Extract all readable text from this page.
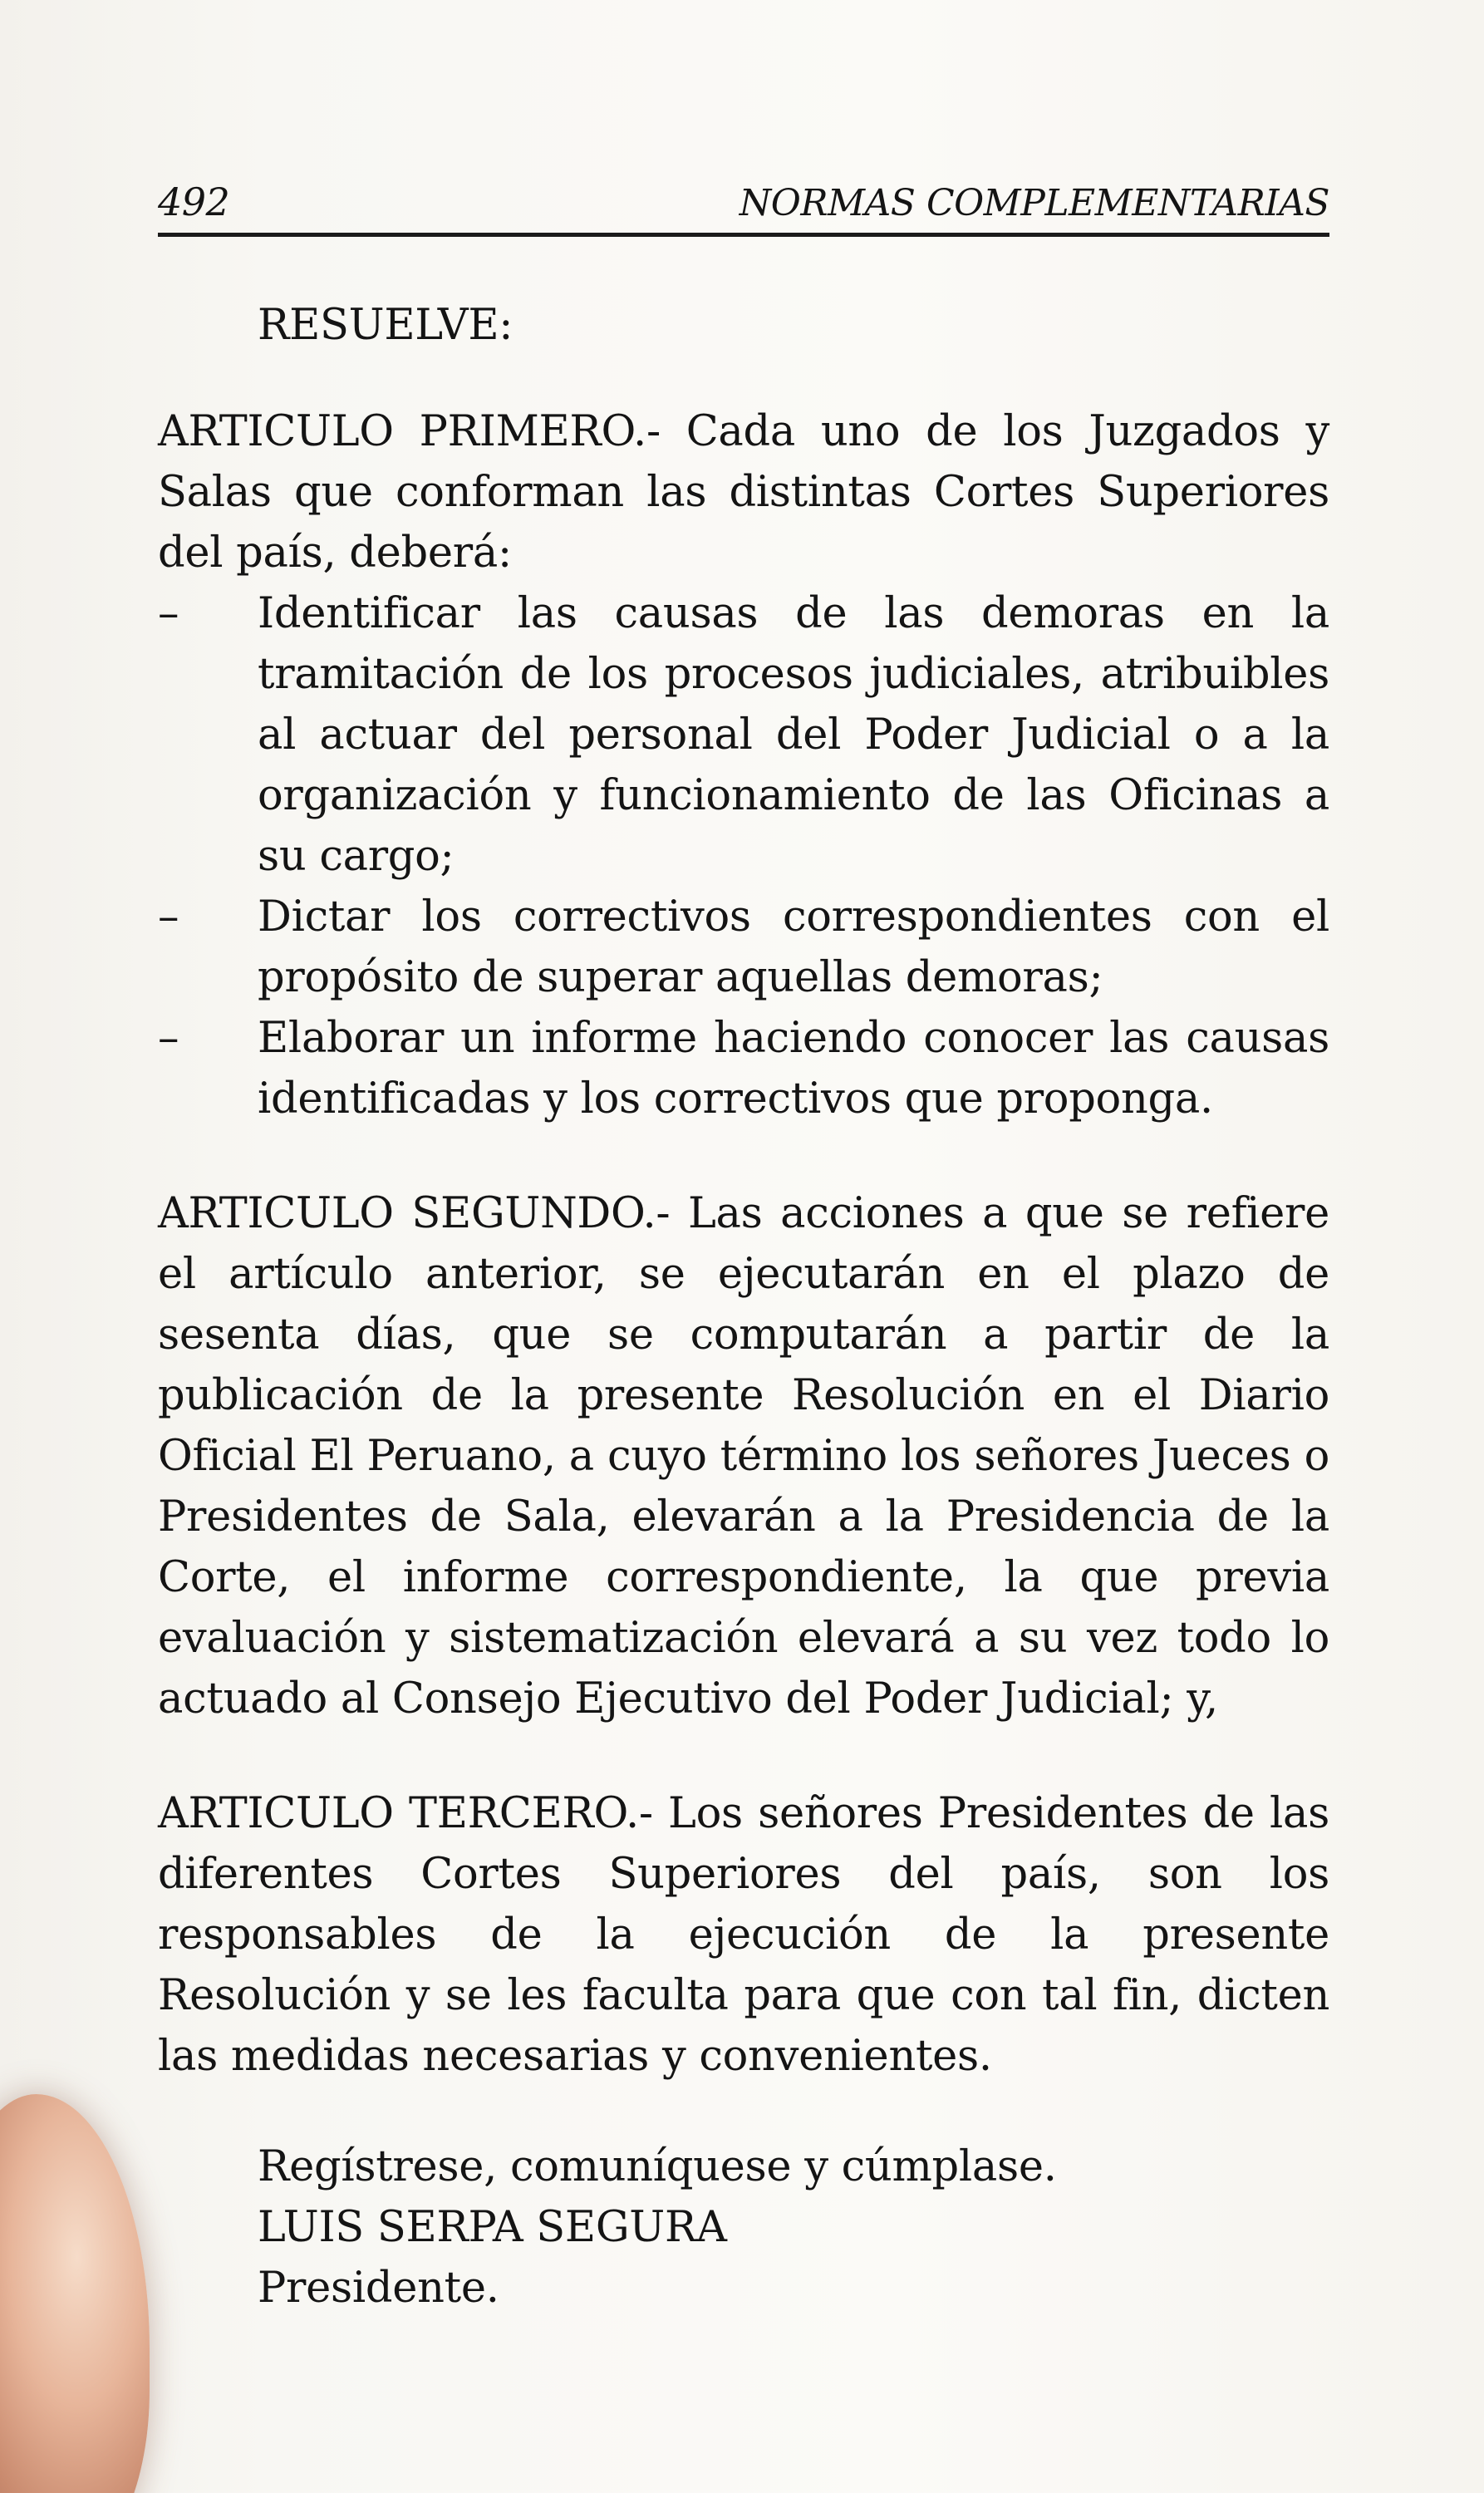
492	NORMAS COMPLEMENTARIAS

RESUELVE:

ARTICULO PRIMERO.- Cada uno de los Juzgados y Salas que conforman las distintas Cortes Superiores del país, deberá:

– Identificar las causas de las demoras en la tramitación de los procesos judiciales, atribuibles al actuar del personal del Poder Judicial o a la organización y funcionamiento de las Oficinas a su cargo;
– Dictar los correctivos correspondientes con el propósito de superar aquellas demoras;
– Elaborar un informe haciendo conocer las causas identificadas y los correctivos que proponga.

ARTICULO SEGUNDO.- Las acciones a que se refiere el artículo anterior, se ejecutarán en el plazo de sesenta días, que se computarán a partir de la publicación de la presente Resolución en el Diario Oficial El Peruano, a cuyo término los señores Jueces o Presidentes de Sala, elevarán a la Presidencia de la Corte, el informe correspondiente, la que previa evaluación y sistematización elevará a su vez todo lo actuado al Consejo Ejecutivo del Poder Judicial; y,

ARTICULO TERCERO.- Los señores Presidentes de las diferentes Cortes Superiores del país, son los responsables de la ejecución de la presente Resolución y se les faculta para que con tal fin, dicten las medidas necesarias y convenientes.

Regístrese, comuníquese y cúmplase.

LUIS SERPA SEGURA

Presidente.
